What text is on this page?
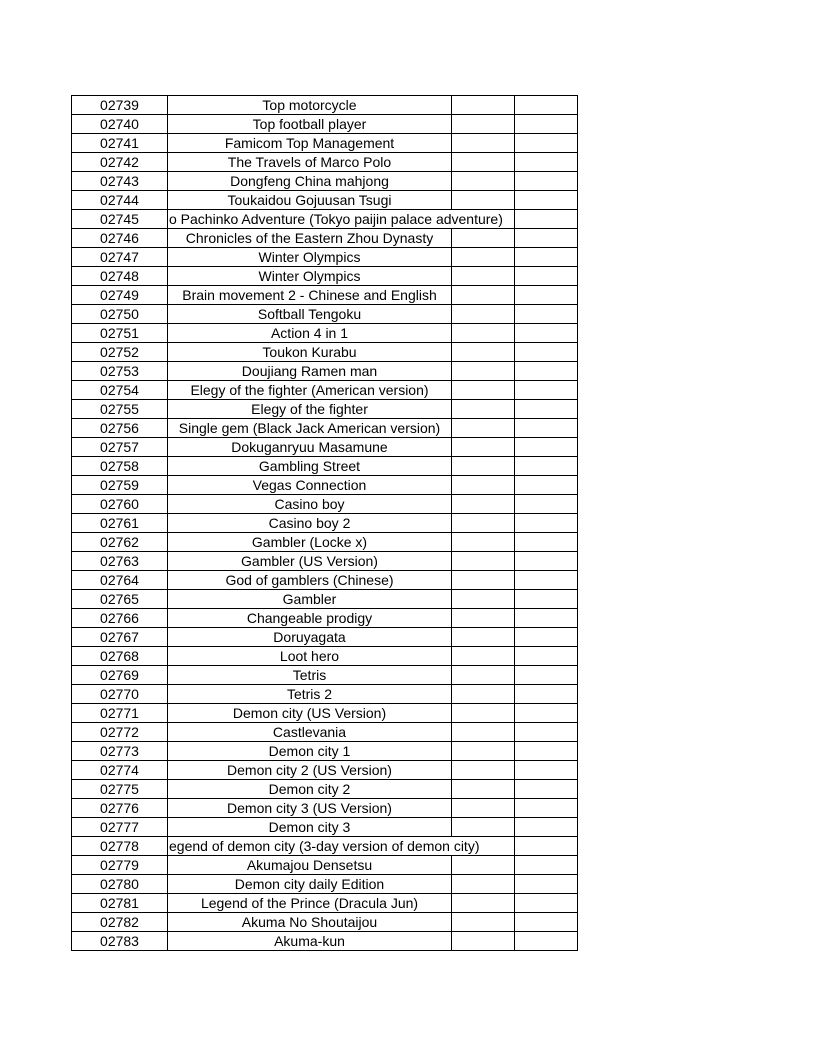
02739	Top motorcycle		
02740	Top football player		
02741	Famicom Top Management		
02742	The Travels of Marco Polo		
02743	Dongfeng China mahjong		
02744	Toukaidou Gojuusan Tsugi		
02745	o Pachinko Adventure (Tokyo paijin palace adventure)		
02746	Chronicles of the Eastern Zhou Dynasty		
02747	Winter Olympics		
02748	Winter Olympics		
02749	Brain movement 2 - Chinese and English		
02750	Softball Tengoku		
02751	Action 4 in 1		
02752	Toukon Kurabu		
02753	Doujiang Ramen man		
02754	Elegy of the fighter (American version)		
02755	Elegy of the fighter		
02756	Single gem (Black Jack American version)		
02757	Dokuganryuu Masamune		
02758	Gambling Street		
02759	Vegas Connection		
02760	Casino boy		
02761	Casino boy 2		
02762	Gambler (Locke x)		
02763	Gambler (US Version)		
02764	God of gamblers (Chinese)		
02765	Gambler		
02766	Changeable prodigy		
02767	Doruyagata		
02768	Loot hero		
02769	Tetris		
02770	Tetris 2		
02771	Demon city (US Version)		
02772	Castlevania		
02773	Demon city 1		
02774	Demon city 2 (US Version)		
02775	Demon city 2		
02776	Demon city 3 (US Version)		
02777	Demon city 3		
02778	egend of demon city (3-day version of demon city)		
02779	Akumajou Densetsu		
02780	Demon city daily Edition		
02781	Legend of the Prince (Dracula Jun)		
02782	Akuma No Shoutaijou		
02783	Akuma-kun		
